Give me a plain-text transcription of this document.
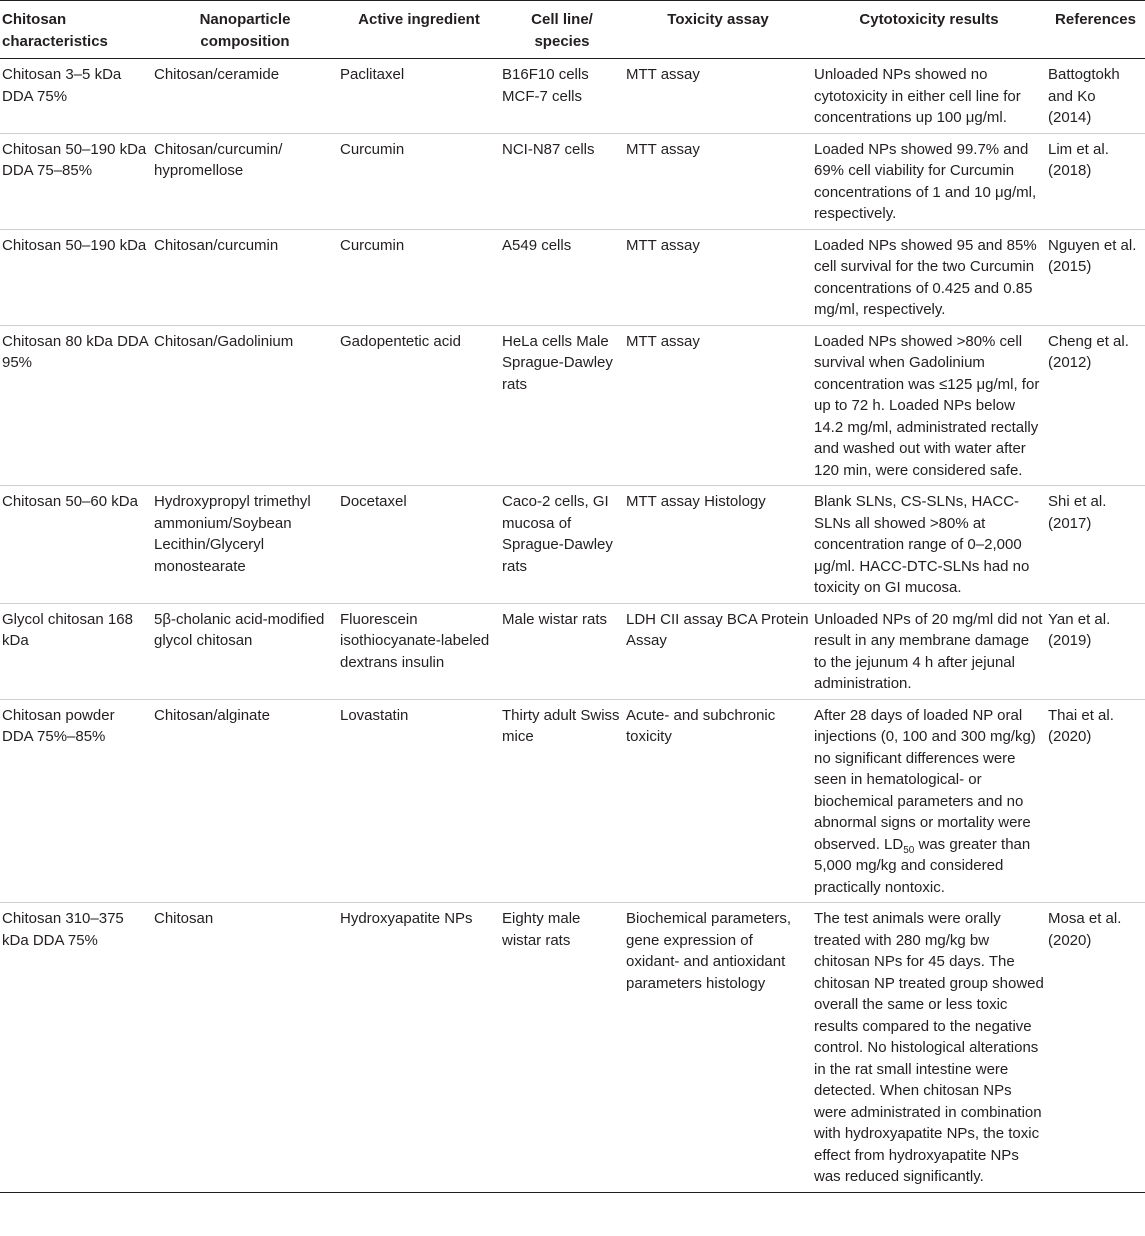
Chitosan characteristics	Nanoparticle composition	Active ingredient	Cell line/ species	Toxicity assay	Cytotoxicity results	References
Chitosan 3–5 kDa DDA 75%	Chitosan/ceramide	Paclitaxel	B16F10 cells MCF-7 cells	MTT assay	Unloaded NPs showed no cytotoxicity in either cell line for concentrations up 100 μg/ml.	Battogtokh and Ko (2014)
Chitosan 50–190 kDa DDA 75–85%	Chitosan/curcumin/ hypromellose	Curcumin	NCI-N87 cells	MTT assay	Loaded NPs showed 99.7% and 69% cell viability for Curcumin concentrations of 1 and 10 μg/ml, respectively.	Lim et al. (2018)
Chitosan 50–190 kDa	Chitosan/curcumin	Curcumin	A549 cells	MTT assay	Loaded NPs showed 95 and 85% cell survival for the two Curcumin concentrations of 0.425 and 0.85 mg/ml, respectively.	Nguyen et al. (2015)
Chitosan 80 kDa DDA 95%	Chitosan/Gadolinium	Gadopentetic acid	HeLa cells Male Sprague-Dawley rats	MTT assay	Loaded NPs showed >80% cell survival when Gadolinium concentration was ≤125 μg/ml, for up to 72 h. Loaded NPs below 14.2 mg/ml, administrated rectally and washed out with water after 120 min, were considered safe.	Cheng et al. (2012)
Chitosan 50–60 kDa	Hydroxypropyl trimethyl ammonium/Soybean Lecithin/Glyceryl monostearate	Docetaxel	Caco-2 cells, GI mucosa of Sprague-Dawley rats	MTT assay Histology	Blank SLNs, CS-SLNs, HACC-SLNs all showed >80% at concentration range of 0–2,000 μg/ml. HACC-DTC-SLNs had no toxicity on GI mucosa.	Shi et al. (2017)
Glycol chitosan 168 kDa	5β-cholanic acid-modified glycol chitosan	Fluorescein isothiocyanate-labeled dextrans insulin	Male wistar rats	LDH CII assay BCA Protein Assay	Unloaded NPs of 20 mg/ml did not result in any membrane damage to the jejunum 4 h after jejunal administration.	Yan et al. (2019)
Chitosan powder DDA 75%–85%	Chitosan/alginate	Lovastatin	Thirty adult Swiss mice	Acute- and subchronic toxicity	After 28 days of loaded NP oral injections (0, 100 and 300 mg/kg) no significant differences were seen in hematological- or biochemical parameters and no abnormal signs or mortality were observed. $LD_{50}$ was greater than 5,000 mg/kg and considered practically nontoxic.	Thai et al. (2020)
Chitosan 310–375 kDa DDA 75%	Chitosan	Hydroxyapatite NPs	Eighty male wistar rats	Biochemical parameters, gene expression of oxidant- and antioxidant parameters histology	The test animals were orally treated with 280 mg/kg bw chitosan NPs for 45 days. The chitosan NP treated group showed overall the same or less toxic results compared to the negative control. No histological alterations in the rat small intestine were detected. When chitosan NPs were administrated in combination with hydroxyapatite NPs, the toxic effect from hydroxyapatite NPs was reduced significantly.	Mosa et al. (2020)
